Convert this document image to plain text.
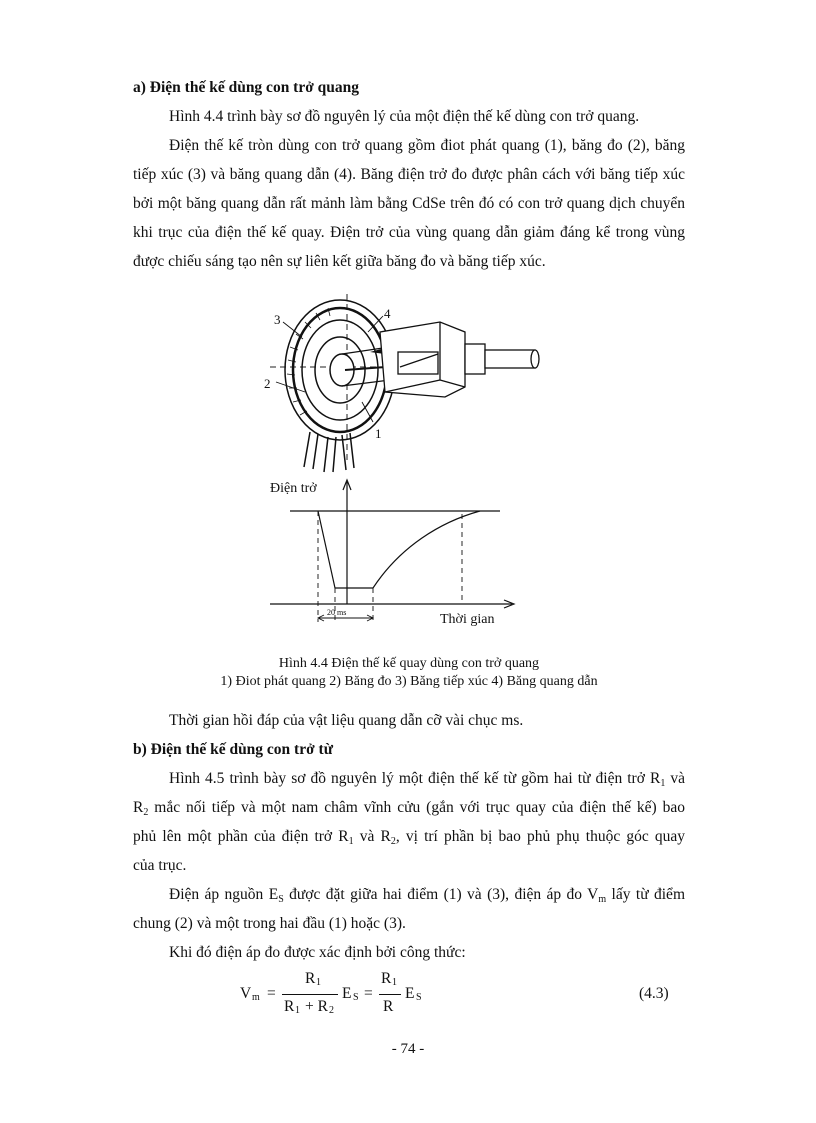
a) Điện thế kế dùng con trở quang

Hình 4.4 trình bày sơ đồ nguyên lý của một điện thế kế dùng con trở quang.

Điện thế kế tròn dùng con trở quang gồm điot phát quang (1), băng đo (2), băng tiếp xúc (3) và băng quang dẫn (4). Băng điện trở đo được phân cách với băng tiếp xúc bởi một băng quang dẫn rất mảnh làm bằng CdSe trên đó có con trở quang dịch chuyển khi trục của điện thế kế quay. Điện trở của vùng quang dẫn giảm đáng kể trong vùng được chiếu sáng tạo nên sự liên kết giữa băng đo và băng tiếp xúc.

3
2
4
1
20 ms
Điện trở
Thời gian
Hình 4.4 Điện thế kế quay dùng con trở quang
1) Điot phát quang 2) Băng đo 3) Băng tiếp xúc 4) Băng quang dẫn

Thời gian hồi đáp của vật liệu quang dẫn cỡ vài chục ms.

b) Điện thế kế dùng con trở từ

Hình 4.5 trình bày sơ đồ nguyên lý một điện thế kế từ gồm hai từ điện trở $R_1$ và

$R_2$ mắc nối tiếp và một nam châm vĩnh cửu (gắn với trục quay của điện thế kế) bao

phủ lên một phần của điện trở $R_1$ và $R_2$, vị trí phần bị bao phủ phụ thuộc góc quay

của trục.

Điện áp nguồn $E_S$ được đặt giữa hai điểm (1) và (3), điện áp đo $V_m$ lấy từ điểm

chung (2) và một trong hai đầu (1) hoặc (3).

Khi đó điện áp đo được xác định bởi công thức:

V m =
R 1
R 1 + R 2
E S =
R 1
R
E S	(4.3)
- 74 -
